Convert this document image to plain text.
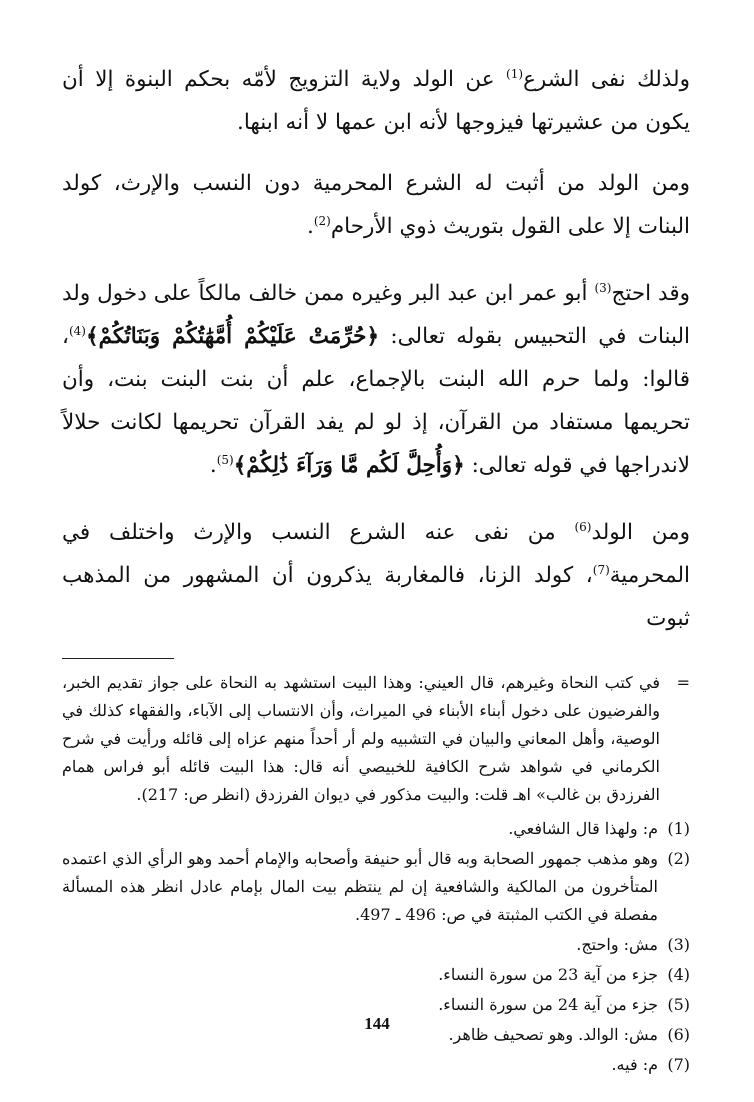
ولذلك نفى الشرع$^{(1)}$ عن الولد ولاية التزويج لأمّه بحكم البنوة إلا أن يكون من عشيرتها فيزوجها لأنه ابن عمها لا أنه ابنها.

ومن الولد من أثبت له الشرع المحرمية دون النسب والإرث، كولد البنات إلا على القول بتوريث ذوي الأرحام$^{(2)}$.

وقد احتج$^{(3)}$ أبو عمر ابن عبد البر وغيره ممن خالف مالكاً على دخول ولد البنات في التحبيس بقوله تعالى: ﴿حُرِّمَتْ عَلَيْكُمْ أُمَّهَٰتُكُمْ وَبَنَاتُكُمْ﴾$^{(4)}$، قالوا: ولما حرم الله البنت بالإجماع، علم أن بنت البنت بنت، وأن تحريمها مستفاد من القرآن، إذ لو لم يفد القرآن تحريمها لكانت حلالاً لاندراجها في قوله تعالى: ﴿وَأُحِلَّ لَكُم مَّا وَرَآءَ ذَٰلِكُمْ﴾$^{(5)}$.

ومن الولد$^{(6)}$ من نفى عنه الشرع النسب والإرث واختلف في المحرمية$^{(7)}$، كولد الزنا، فالمغاربة يذكرون أن المشهور من المذهب ثبوت

=
في كتب النحاة وغيرهم، قال العيني: وهذا البيت استشهد به النحاة على جواز تقديم الخبر، والفرضيون على دخول أبناء الأبناء في الميراث، وأن الانتساب إلى الآباء، والفقهاء كذلك في الوصية، وأهل المعاني والبيان في التشبيه ولم أر أحداً منهم عزاه إلى قائله ورأيت في شرح الكرماني في شواهد شرح الكافية للخبيصي أنه قال: هذا البيت قائله أبو فراس همام الفرزدق بن غالب» اهـ قلت: والبيت مذكور في ديوان الفرزدق (انظر ص: 217).
(1)
م: ولهذا قال الشافعي.
(2)
وهو مذهب جمهور الصحابة وبه قال أبو حنيفة وأصحابه والإمام أحمد وهو الرأي الذي اعتمده المتأخرون من المالكية والشافعية إن لم ينتظم بيت المال بإمام عادل انظر هذه المسألة مفصلة في الكتب المثبتة في ص: 496 ـ 497.
(3)
مش: واحتج.
(4)
جزء من آية 23 من سورة النساء.
(5)
جزء من آية 24 من سورة النساء.
(6)
مش: الوالد. وهو تصحيف ظاهر.
(7)
م: فيه.
144
